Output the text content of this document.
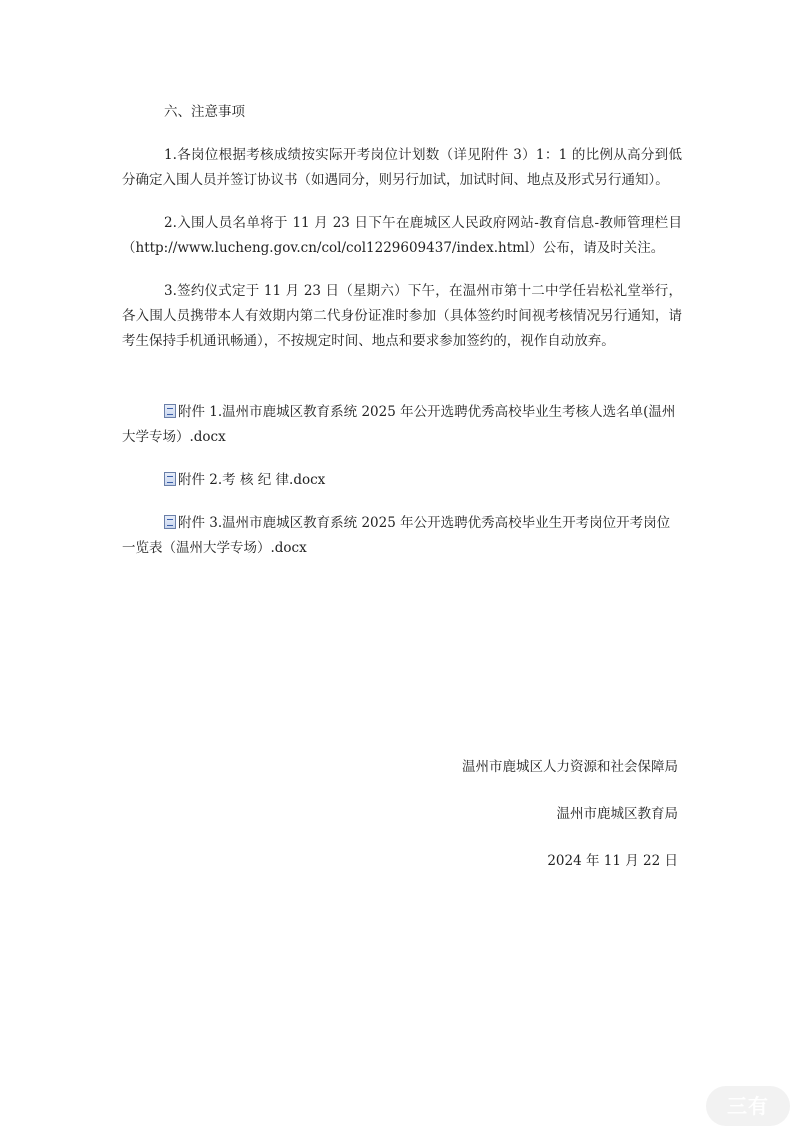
六、注意事项

1.各岗位根据考核成绩按实际开考岗位计划数（详见附件 3）1：1 的比例从高分到低分确定入围人员并签订协议书（如遇同分，则另行加试，加试时间、地点及形式另行通知）。

2.入围人员名单将于 11 月 23 日下午在鹿城区人民政府网站-教育信息-教师管理栏目（http://www.lucheng.gov.cn/col/col1229609437/index.html）公布，请及时关注。

3.签约仪式定于 11 月 23 日（星期六）下午，在温州市第十二中学任岩松礼堂举行，各入围人员携带本人有效期内第二代身份证准时参加（具体签约时间视考核情况另行通知，请考生保持手机通讯畅通），不按规定时间、地点和要求参加签约的，视作自动放弃。

附件 1.温州市鹿城区教育系统 2025 年公开选聘优秀高校毕业生考核人选名单(温州大学专场）.docx

附件 2.考 核 纪 律.docx

附件 3.温州市鹿城区教育系统 2025 年公开选聘优秀高校毕业生开考岗位开考岗位一览表（温州大学专场）.docx

温州市鹿城区人力资源和社会保障局

温州市鹿城区教育局

2024 年 11 月 22 日

三有
